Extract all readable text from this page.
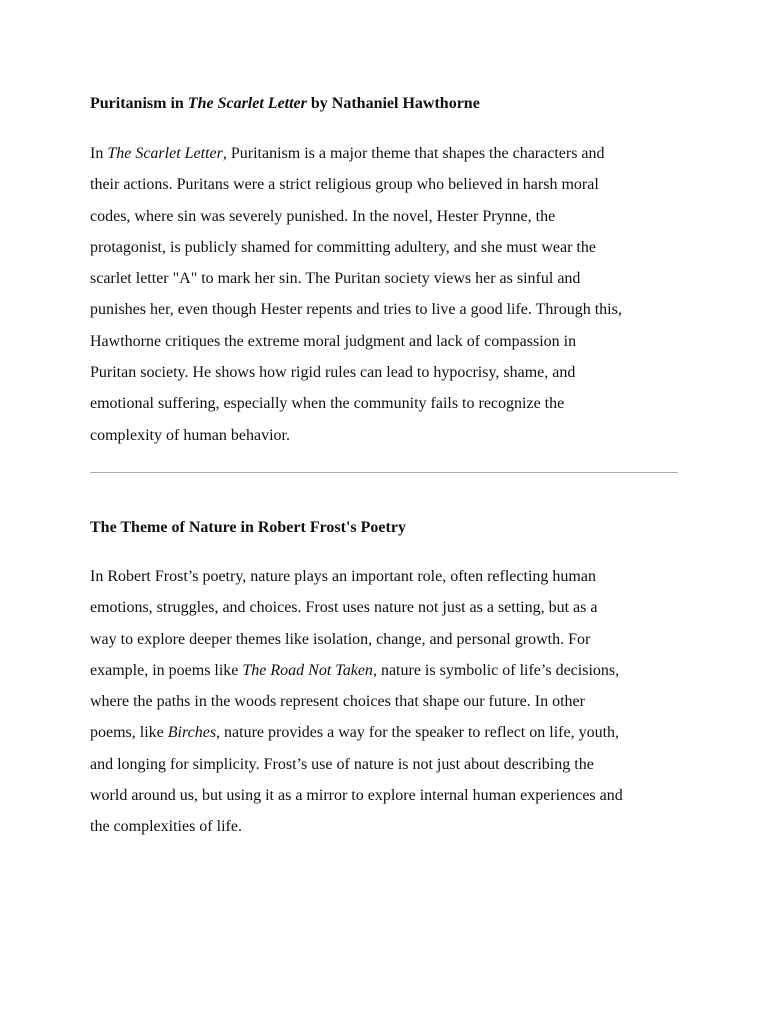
Puritanism in The Scarlet Letter by Nathaniel Hawthorne
In The Scarlet Letter, Puritanism is a major theme that shapes the characters and
their actions. Puritans were a strict religious group who believed in harsh moral
codes, where sin was severely punished. In the novel, Hester Prynne, the
protagonist, is publicly shamed for committing adultery, and she must wear the
scarlet letter "A" to mark her sin. The Puritan society views her as sinful and
punishes her, even though Hester repents and tries to live a good life. Through this,
Hawthorne critiques the extreme moral judgment and lack of compassion in
Puritan society. He shows how rigid rules can lead to hypocrisy, shame, and
emotional suffering, especially when the community fails to recognize the
complexity of human behavior.
The Theme of Nature in Robert Frost's Poetry
In Robert Frost’s poetry, nature plays an important role, often reflecting human
emotions, struggles, and choices. Frost uses nature not just as a setting, but as a
way to explore deeper themes like isolation, change, and personal growth. For
example, in poems like The Road Not Taken, nature is symbolic of life’s decisions,
where the paths in the woods represent choices that shape our future. In other
poems, like Birches, nature provides a way for the speaker to reflect on life, youth,
and longing for simplicity. Frost’s use of nature is not just about describing the
world around us, but using it as a mirror to explore internal human experiences and
the complexities of life.
